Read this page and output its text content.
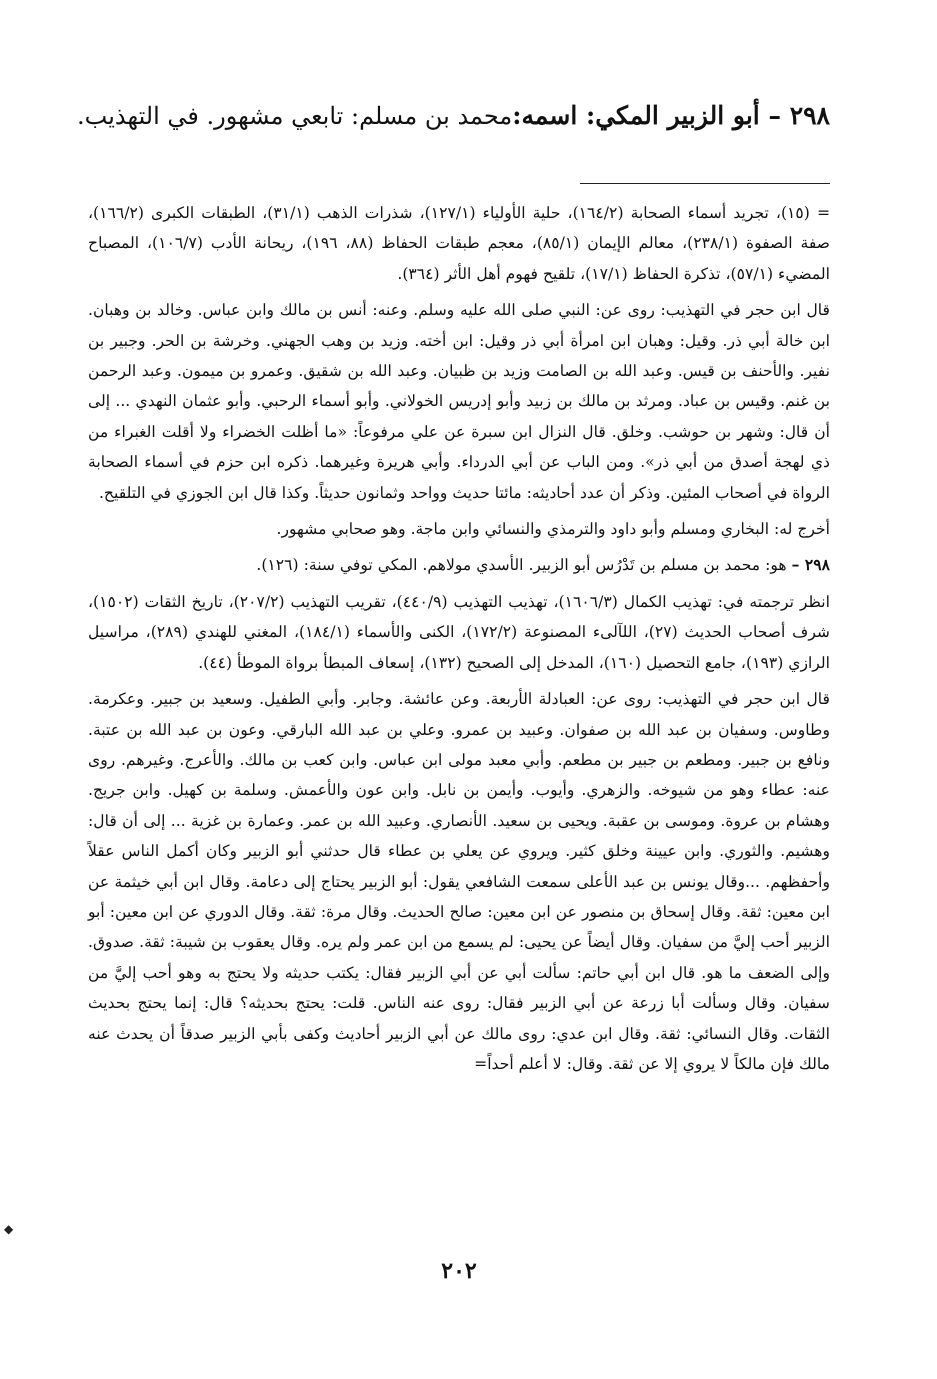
٢٩٨ – أبو الزبير المكي: اسمه:محمد بن مسلم: تابعي مشهور. في التهذيب.

= (١٥)، تجريد أسماء الصحابة (١٦٤/٢)، حلية الأولياء (١٢٧/١)، شذرات الذهب (٣١/١)، الطبقات الكبرى (١٦٦/٢)، صفة الصفوة (٢٣٨/١)، معالم الإيمان (٨٥/١)، معجم طبقات الحفاظ (٨٨، ١٩٦)، ريحانة الأدب (١٠٦/٧)، المصباح المضيء (٥٧/١)، تذكرة الحفاظ (١٧/١)، تلقيح فهوم أهل الأثر (٣٦٤).

قال ابن حجر في التهذيب: روى عن: النبي صلى الله عليه وسلم. وعنه: أنس بن مالك وابن عباس. وخالد بن وهبان. ابن خالة أبي ذر. وقيل: وهبان ابن امرأة أبي ذر وقيل: ابن أخته. وزيد بن وهب الجهني. وخرشة بن الحر. وجبير بن نفير. والأحنف بن قيس. وعبد الله بن الصامت وزيد بن ظبيان. وعبد الله بن شقيق. وعمرو بن ميمون. وعبد الرحمن بن غنم. وقيس بن عباد. ومرثد بن مالك بن زبيد وأبو إدريس الخولاني. وأبو أسماء الرحبي. وأبو عثمان النهدي ... إلى أن قال: وشهر بن حوشب. وخلق. قال النزال ابن سبرة عن علي مرفوعاً: «ما أظلت الخضراء ولا أقلت الغبراء من ذي لهجة أصدق من أبي ذر». ومن الباب عن أبي الدرداء. وأبي هريرة وغيرهما. ذكره ابن حزم في أسماء الصحابة الرواة في أصحاب المئين. وذكر أن عدد أحاديثه: مائتا حديث وواحد وثمانون حديثاً. وكذا قال ابن الجوزي في التلقيح.

أخرج له: البخاري ومسلم وأبو داود والترمذي والنسائي وابن ماجة. وهو صحابي مشهور.

٢٩٨ – هو: محمد بن مسلم بن تَدْرُس أبو الزبير. الأسدي مولاهم. المكي توفي سنة: (١٢٦).

انظر ترجمته في: تهذيب الكمال (١٦٠٦/٣)، تهذيب التهذيب (٤٤٠/٩)، تقريب التهذيب (٢٠٧/٢)، تاريخ الثقات (١٥٠٢)، شرف أصحاب الحديث (٢٧)، اللآلىء المصنوعة (١٧٢/٢)، الكنى والأسماء (١٨٤/١)، المغني للهندي (٢٨٩)، مراسيل الرازي (١٩٣)، جامع التحصيل (١٦٠)، المدخل إلى الصحيح (١٣٢)، إسعاف المبطأ برواة الموطأ (٤٤).

قال ابن حجر في التهذيب: روى عن: العبادلة الأربعة. وعن عائشة. وجابر. وأبي الطفيل. وسعيد بن جبير. وعكرمة. وطاوس. وسفيان بن عبد الله بن صفوان. وعبيد بن عمرو. وعلي بن عبد الله البارقي. وعون بن عبد الله بن عتبة. ونافع بن جبير. ومطعم بن جبير بن مطعم. وأبي معبد مولى ابن عباس. وابن كعب بن مالك. والأعرج. وغيرهم. روى عنه: عطاء وهو من شيوخه. والزهري. وأيوب. وأيمن بن نابل. وابن عون والأعمش. وسلمة بن كهيل. وابن جريج. وهشام بن عروة. وموسى بن عقبة. ويحيى بن سعيد. الأنصاري. وعبيد الله بن عمر. وعمارة بن غزية ... إلى أن قال: وهشيم. والثوري. وابن عيينة وخلق كثير. ويروي عن يعلي بن عطاء قال حدثني أبو الزبير وكان أكمل الناس عقلاً وأحفظهم. ...وقال يونس بن عبد الأعلى سمعت الشافعي يقول: أبو الزبير يحتاج إلى دعامة. وقال ابن أبي خيثمة عن ابن معين: ثقة. وقال إسحاق بن منصور عن ابن معين: صالح الحديث. وقال مرة: ثقة. وقال الدوري عن ابن معين: أبو الزبير أحب إليَّ من سفيان. وقال أيضاً عن يحيى: لم يسمع من ابن عمر ولم يره. وقال يعقوب بن شيبة: ثقة. صدوق. وإلى الضعف ما هو. قال ابن أبي حاتم: سألت أبي عن أبي الزبير فقال: يكتب حديثه ولا يحتج به وهو أحب إليَّ من سفيان. وقال وسألت أبا زرعة عن أبي الزبير فقال: روى عنه الناس. قلت: يحتج بحديثه؟ قال: إنما يحتج بحديث الثقات. وقال النسائي: ثقة. وقال ابن عدي: روى مالك عن أبي الزبير أحاديث وكفى بأبي الزبير صدقاً أن يحدث عنه مالك فإن مالكاً لا يروي إلا عن ثقة. وقال: لا أعلم أحداً=

٢٠٢
◆
